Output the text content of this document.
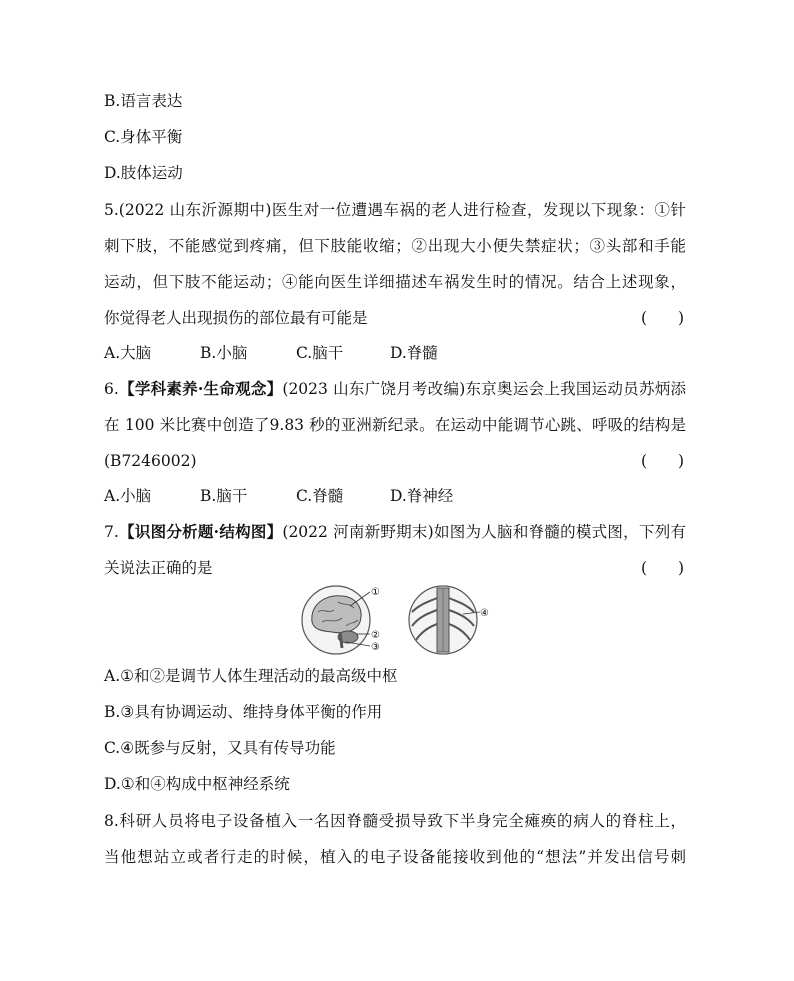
B.语言表达
C.身体平衡
D.肢体运动
5.(2022 山东沂源期中)医生对一位遭遇车祸的老人进行检查，发现以下现象：①针
刺下肢，不能感觉到疼痛，但下肢能收缩；②出现大小便失禁症状；③头部和手能
运动，但下肢不能运动；④能向医生详细描述车祸发生时的情况。结合上述现象，
你觉得老人出现损伤的部位最有可能是	(　　)
A.大脑	B.小脑	C.脑干	D.脊髓
6.【学科素养·生命观念】(2023 山东广饶月考改编)东京奥运会上我国运动员苏炳添
在 100 米比赛中创造了9.83 秒的亚洲新纪录。在运动中能调节心跳、呼吸的结构是
(B7246002)	(　　)
A.小脑	B.脑干	C.脊髓	D.脊神经
7.【识图分析题·结构图】(2022 河南新野期末)如图为人脑和脊髓的模式图，下列有
关说法正确的是	(　　)
①
②
③
④
A.①和②是调节人体生理活动的最高级中枢
B.③具有协调运动、维持身体平衡的作用
C.④既参与反射，又具有传导功能
D.①和④构成中枢神经系统
8.科研人员将电子设备植入一名因脊髓受损导致下半身完全瘫痪的病人的脊柱上，
当他想站立或者行走的时候，植入的电子设备能接收到他的“想法”并发出信号刺
